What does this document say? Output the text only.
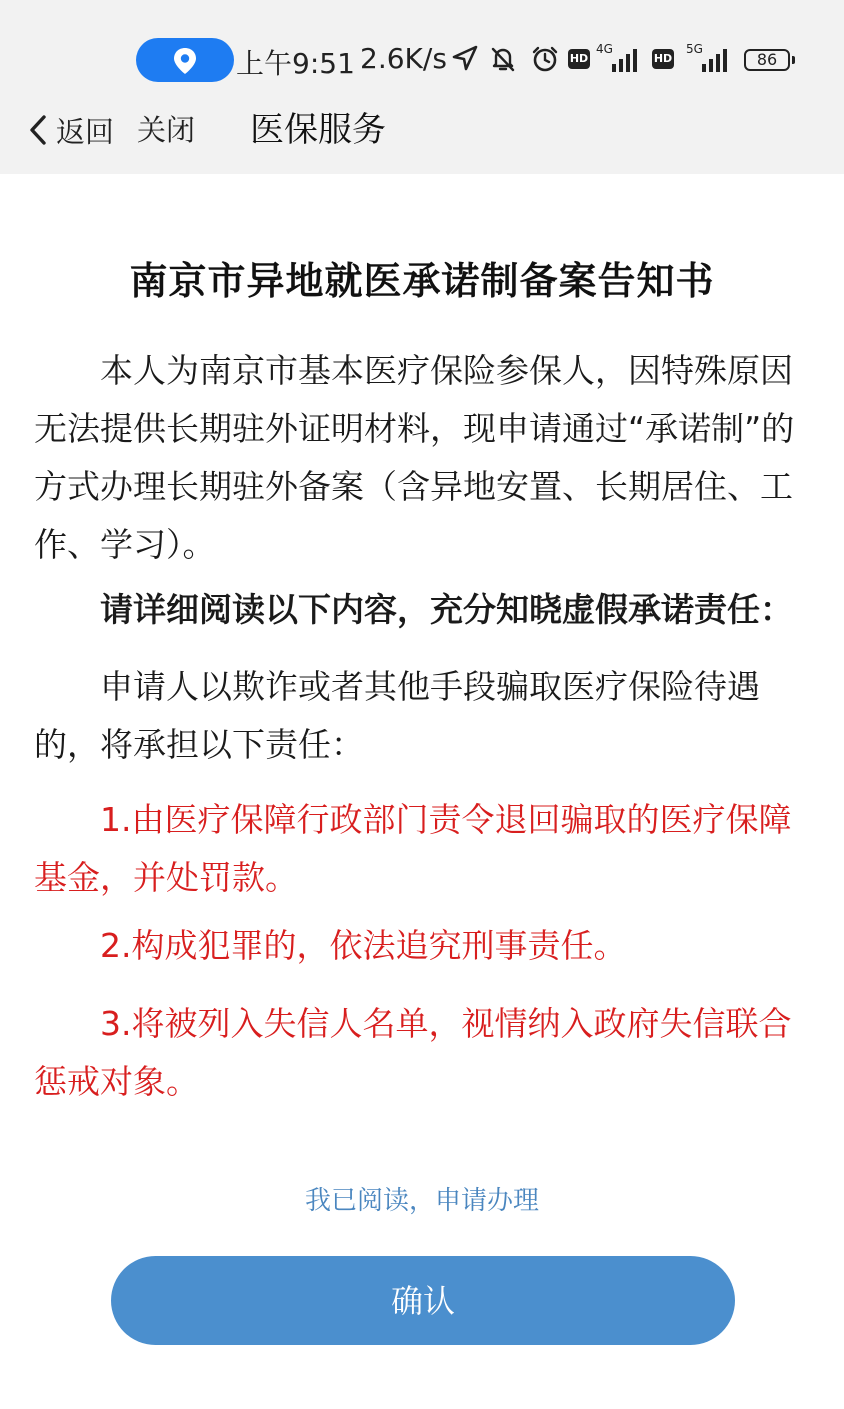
上午9:51 2.6K/s	HD
4G
HD
5G
86
返回 关闭 医保服务
南京市异地就医承诺制备案告知书

本人为南京市基本医疗保险参保人，因特殊原因无法提供长期驻外证明材料，现申请通过“承诺制”的方式办理长期驻外备案（含异地安置、长期居住、工作、学习）。

请详细阅读以下内容，充分知晓虚假承诺责任：

申请人以欺诈或者其他手段骗取医疗保险待遇的，将承担以下责任：

1.由医疗保障行政部门责令退回骗取的医疗保障基金，并处罚款。

2.构成犯罪的，依法追究刑事责任。

3.将被列入失信人名单，视情纳入政府失信联合惩戒对象。

我已阅读，申请办理
确认
